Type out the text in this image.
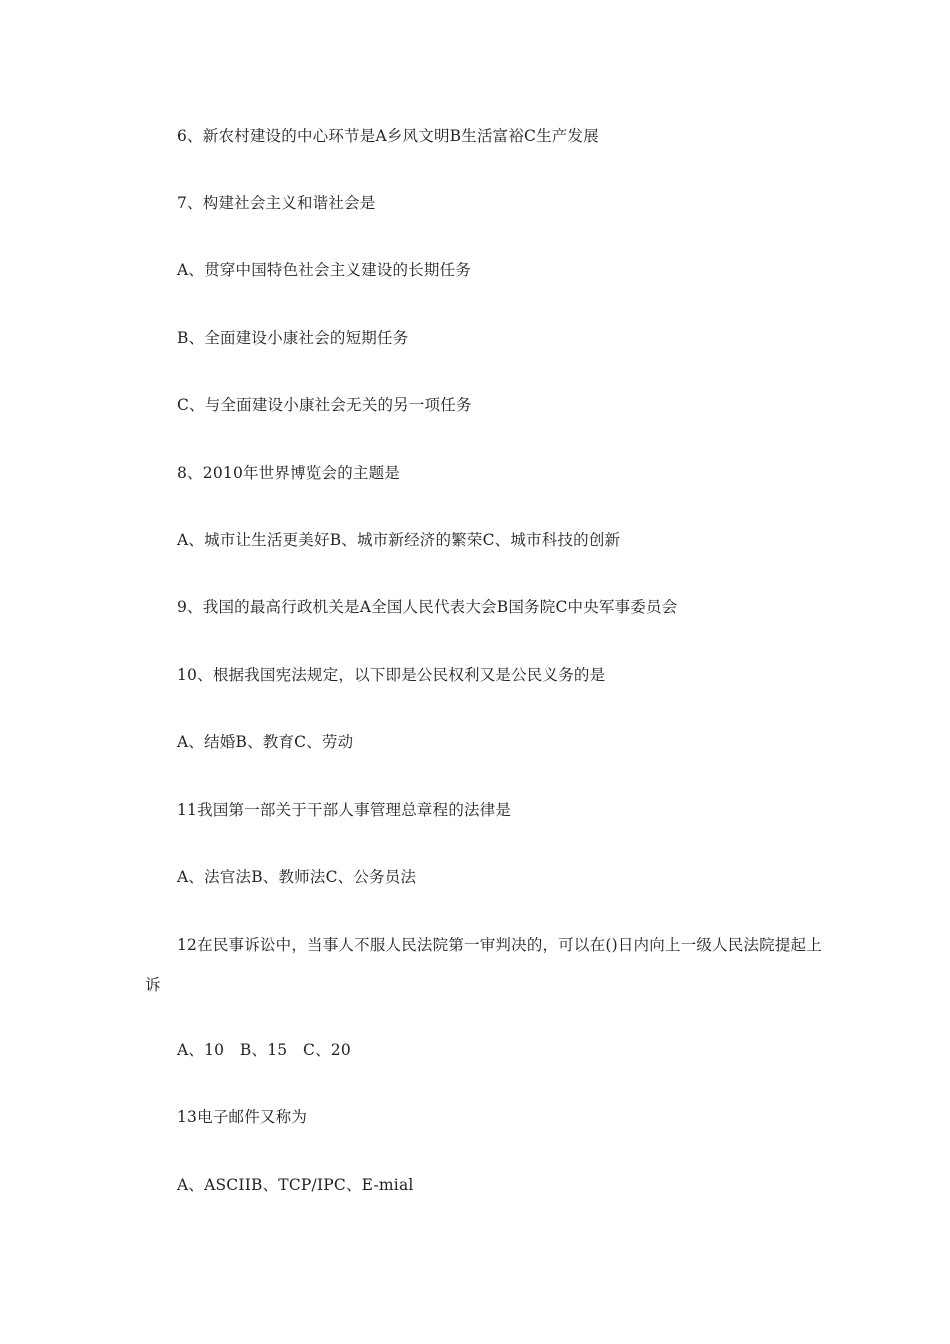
6、新农村建设的中心环节是A乡风文明B生活富裕C生产发展
7、构建社会主义和谐社会是
A、贯穿中国特色社会主义建设的长期任务
B、全面建设小康社会的短期任务
C、与全面建设小康社会无关的另一项任务
8、2010年世界博览会的主题是
A、城市让生活更美好B、城市新经济的繁荣C、城市科技的创新
9、我国的最高行政机关是A全国人民代表大会B国务院C中央军事委员会
10、根据我国宪法规定，以下即是公民权利又是公民义务的是
A、结婚B、教育C、劳动
11我国第一部关于干部人事管理总章程的法律是
A、法官法B、教师法C、公务员法
12在民事诉讼中，当事人不服人民法院第一审判决的，可以在()日内向上一级人民法院提起上诉
A、10　B、15　C、20
13电子邮件又称为
A、ASCIIB、TCP/IPC、E-mial
